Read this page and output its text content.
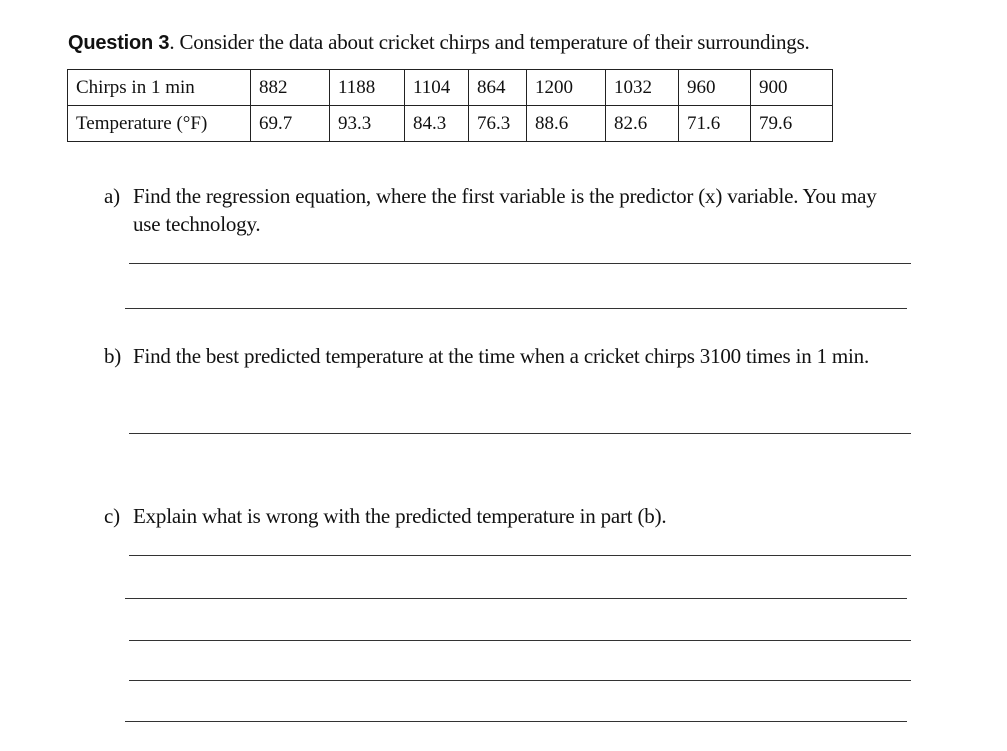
Question 3. Consider the data about cricket chirps and temperature of their surroundings.
Chirps in 1 min	882	1188	1104	864	1200	1032	960	900
Temperature (°F)	69.7	93.3	84.3	76.3	88.6	82.6	71.6	79.6
a) Find the regression equation, where the first variable is the predictor (x) variable. You may use technology.
b) Find the best predicted temperature at the time when a cricket chirps 3100 times in 1 min.
c) Explain what is wrong with the predicted temperature in part (b).
